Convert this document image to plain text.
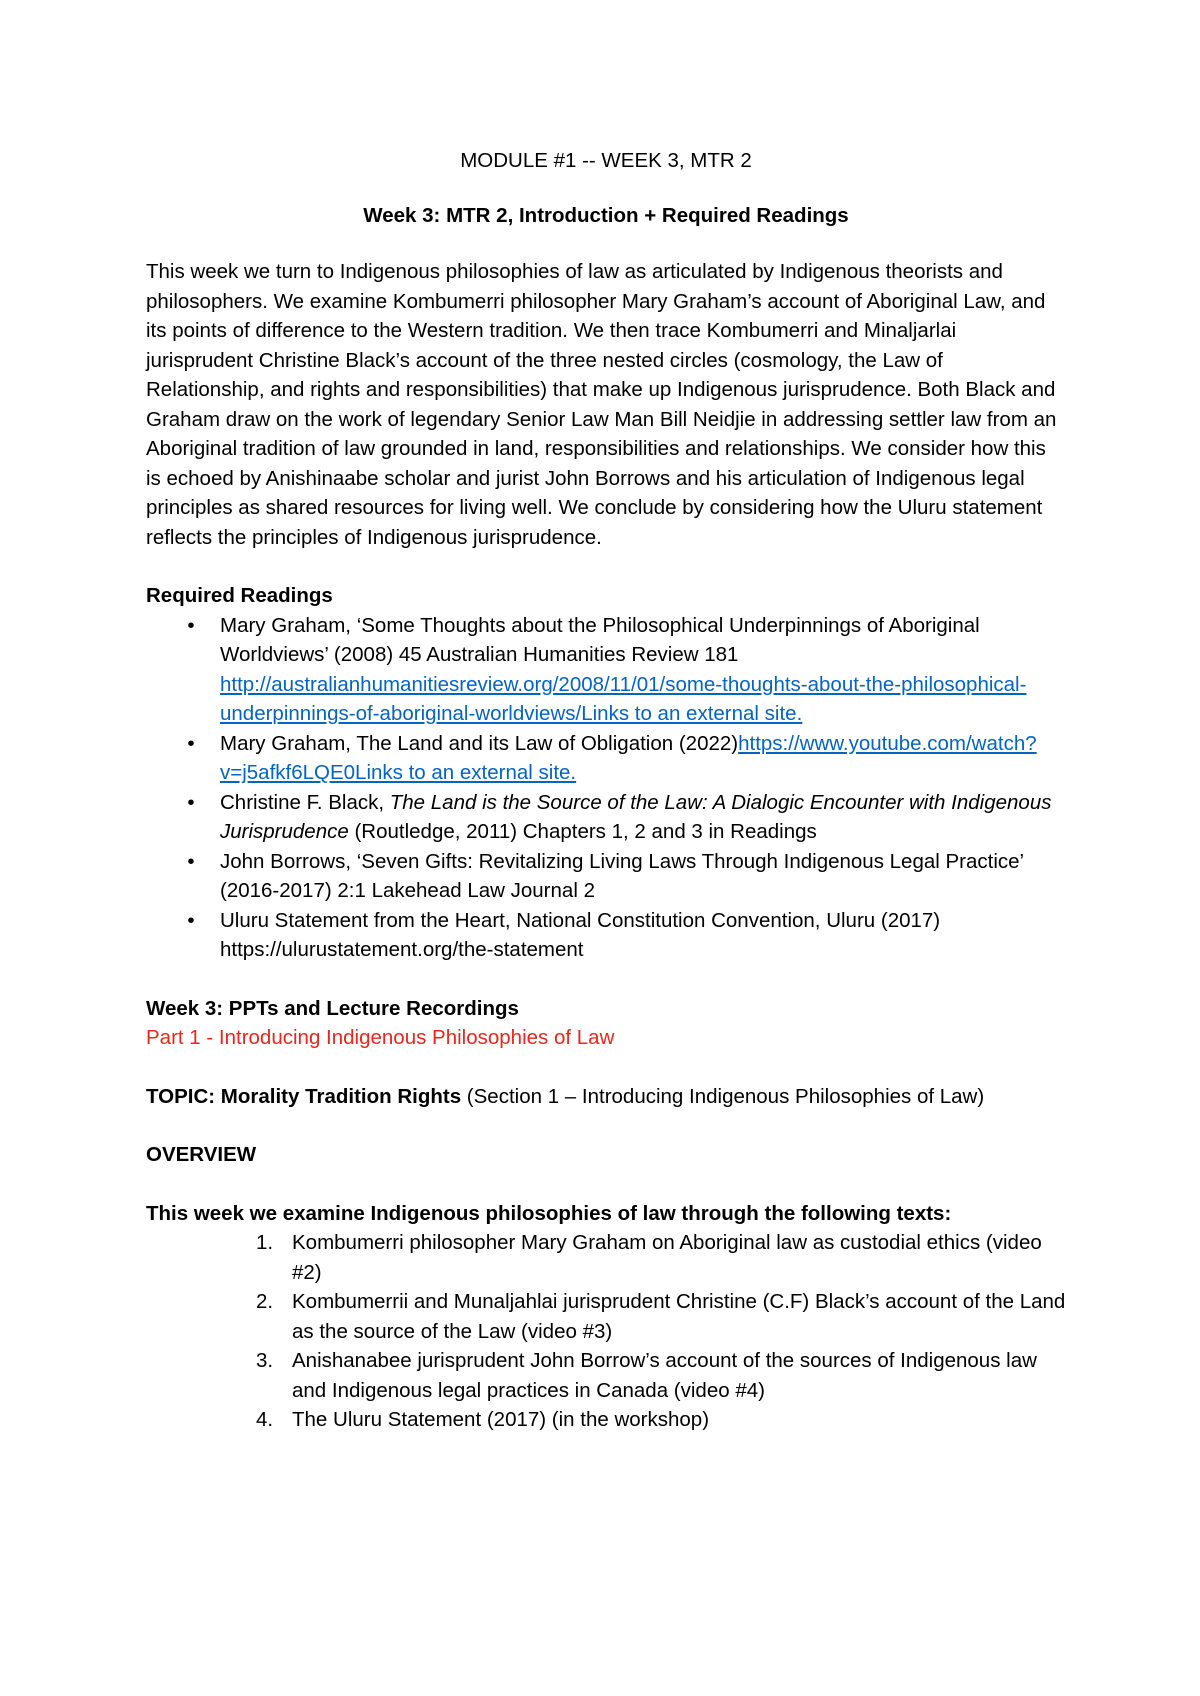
MODULE #1 -- WEEK 3, MTR 2

Week 3: MTR 2, Introduction + Required Readings

This week we turn to Indigenous philosophies of law as articulated by Indigenous theorists and philosophers. We examine Kombumerri philosopher Mary Graham’s account of Aboriginal Law, and its points of difference to the Western tradition. We then trace Kombumerri and Minaljarlai jurisprudent Christine Black’s account of the three nested circles (cosmology, the Law of Relationship, and rights and responsibilities) that make up Indigenous jurisprudence. Both Black and Graham draw on the work of legendary Senior Law Man Bill Neidjie in addressing settler law from an Aboriginal tradition of law grounded in land, responsibilities and relationships. We consider how this is echoed by Anishinaabe scholar and jurist John Borrows and his articulation of Indigenous legal principles as shared resources for living well. We conclude by considering how the Uluru statement reflects the principles of Indigenous jurisprudence.

Required Readings

• Mary Graham, ‘Some Thoughts about the Philosophical Underpinnings of Aboriginal Worldviews’ (2008) 45 Australian Humanities Review 181 http://australianhumanitiesreview.org/2008/11/01/some-thoughts-about-the-philosophical-underpinnings-of-aboriginal-worldviews/Links to an external site.
• Mary Graham, The Land and its Law of Obligation (2022)https://www.youtube.com/watch?v=j5afkf6LQE0Links to an external site.
• Christine F. Black, The Land is the Source of the Law: A Dialogic Encounter with Indigenous Jurisprudence (Routledge, 2011) Chapters 1, 2 and 3 in Readings
• John Borrows, ‘Seven Gifts: Revitalizing Living Laws Through Indigenous Legal Practice’ (2016-2017) 2:1 Lakehead Law Journal 2
• Uluru Statement from the Heart, National Constitution Convention, Uluru (2017) https://ulurustatement.org/the-statement

Week 3: PPTs and Lecture Recordings

Part 1 - Introducing Indigenous Philosophies of Law

TOPIC: Morality Tradition Rights (Section 1 – Introducing Indigenous Philosophies of Law)

OVERVIEW

This week we examine Indigenous philosophies of law through the following texts:

1. Kombumerri philosopher Mary Graham on Aboriginal law as custodial ethics (video #2)
2. Kombumerrii and Munaljahlai jurisprudent Christine (C.F) Black’s account of the Land as the source of the Law (video #3)
3. Anishanabee jurisprudent John Borrow’s account of the sources of Indigenous law and Indigenous legal practices in Canada (video #4)
4. The Uluru Statement (2017) (in the workshop)
